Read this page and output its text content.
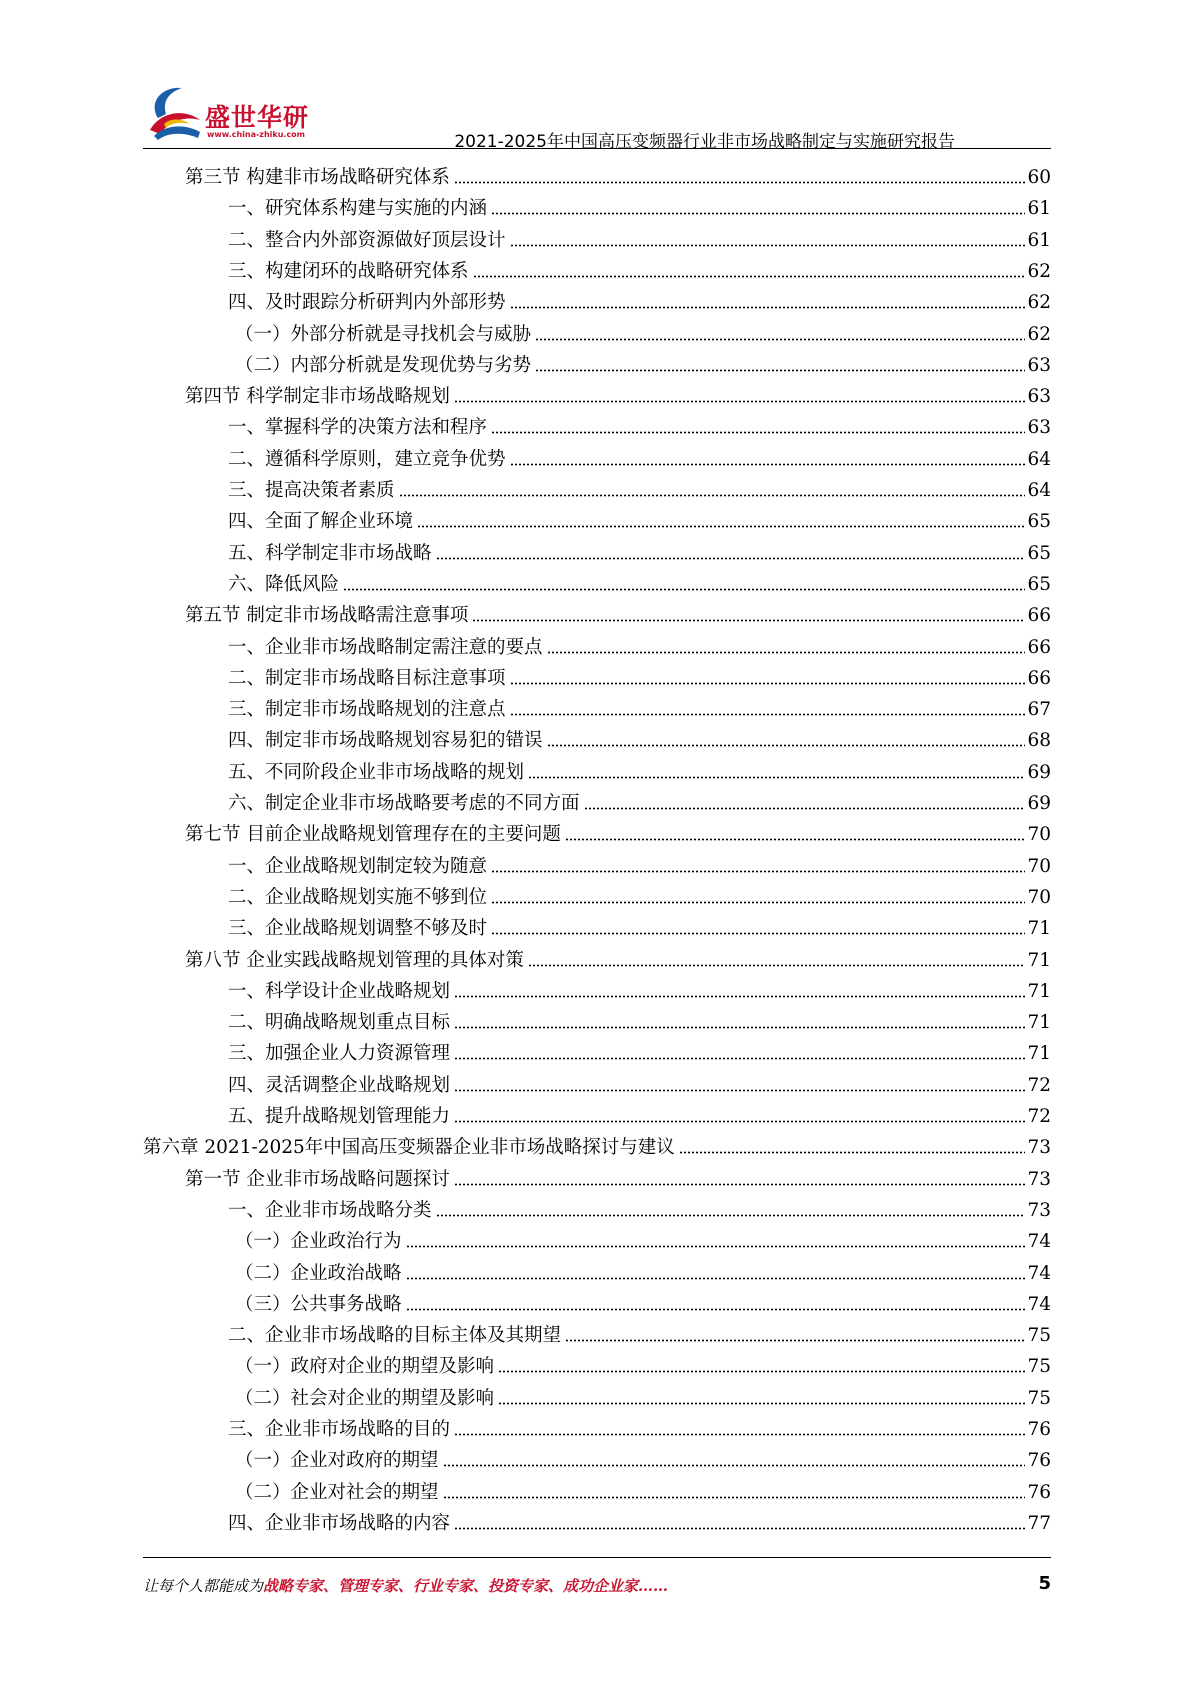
盛世华研
www.china-zhiku.com	2021-2025年中国高压变频器行业非市场战略制定与实施研究报告
第三节 构建非市场战略研究体系	60
一、研究体系构建与实施的内涵	61
二、整合内外部资源做好顶层设计	61
三、构建闭环的战略研究体系	62
四、及时跟踪分析研判内外部形势	62
（一）外部分析就是寻找机会与威胁	62
（二）内部分析就是发现优势与劣势	63
第四节 科学制定非市场战略规划	63
一、掌握科学的决策方法和程序	63
二、遵循科学原则，建立竞争优势	64
三、提高决策者素质	64
四、全面了解企业环境	65
五、科学制定非市场战略	65
六、降低风险	65
第五节 制定非市场战略需注意事项	66
一、企业非市场战略制定需注意的要点	66
二、制定非市场战略目标注意事项	66
三、制定非市场战略规划的注意点	67
四、制定非市场战略规划容易犯的错误	68
五、不同阶段企业非市场战略的规划	69
六、制定企业非市场战略要考虑的不同方面	69
第七节 目前企业战略规划管理存在的主要问题	70
一、企业战略规划制定较为随意	70
二、企业战略规划实施不够到位	70
三、企业战略规划调整不够及时	71
第八节 企业实践战略规划管理的具体对策	71
一、科学设计企业战略规划	71
二、明确战略规划重点目标	71
三、加强企业人力资源管理	71
四、灵活调整企业战略规划	72
五、提升战略规划管理能力	72
第六章 2021-2025年中国高压变频器企业非市场战略探讨与建议	73
第一节 企业非市场战略问题探讨	73
一、企业非市场战略分类	73
（一）企业政治行为	74
（二）企业政治战略	74
（三）公共事务战略	74
二、企业非市场战略的目标主体及其期望	75
（一）政府对企业的期望及影响	75
（二）社会对企业的期望及影响	75
三、企业非市场战略的目的	76
（一）企业对政府的期望	76
（二）企业对社会的期望	76
四、企业非市场战略的内容	77
让每个人都能成为战略专家、管理专家、行业专家、投资专家、成功企业家……	5
